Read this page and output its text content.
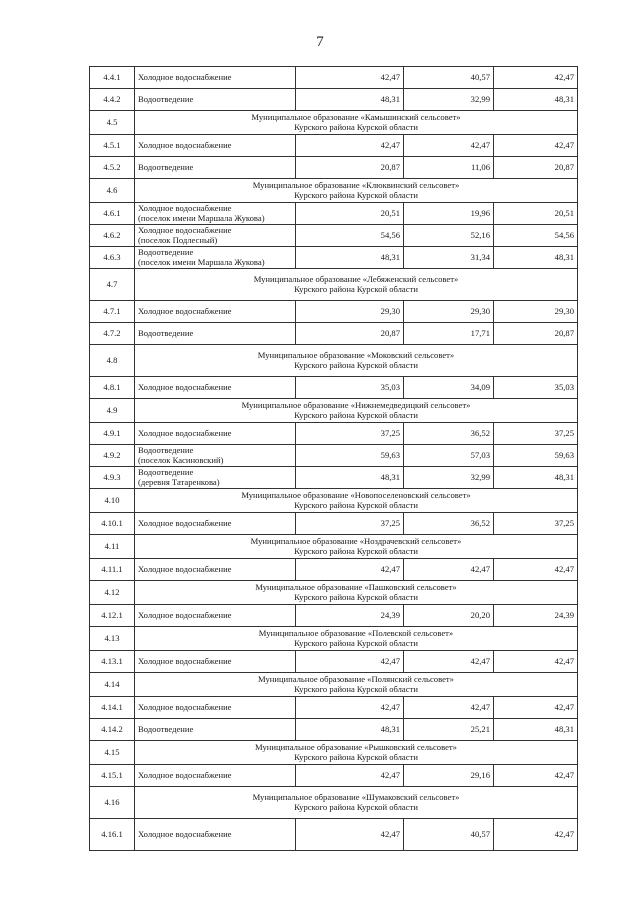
7
4.4.1	Холодное водоснабжение	42,47	40,57	42,47
4.4.2	Водоотведение	48,31	32,99	48,31
4.5	Муниципальное образование «Камышинский сельсовет»
Курского района Курской области			

4.5.1	Холодное водоснабжение	42,47	42,47	42,47
4.5.2	Водоотведение	20,87	11,06	20,87
4.6	Муниципальное образование «Клюквинский сельсовет»
Курского района Курской области			

4.6.1	Холодное водоснабжение
(поселок имени Маршала Жукова)	20,51	19,96	20,51
4.6.2	Холодное водоснабжение
(поселок Подлесный)	54,56	52,16	54,56
4.6.3	Водоотведение
(поселок имени Маршала Жукова)	48,31	31,34	48,31
4.7	Муниципальное образование «Лебяженский сельсовет»
Курского района Курской области			

4.7.1	Холодное водоснабжение	29,30	29,30	29,30
4.7.2	Водоотведение	20,87	17,71	20,87
4.8	Муниципальное образование «Моковский сельсовет»
Курского района Курской области			

4.8.1	Холодное водоснабжение	35,03	34,09	35,03
4.9	Муниципальное образование «Нижнемедведицкий сельсовет»
Курского района Курской области			

4.9.1	Холодное водоснабжение	37,25	36,52	37,25
4.9.2	Водоотведение
(поселок Касиновский)	59,63	57,03	59,63
4.9.3	Водоотведение
(деревня Татаренкова)	48,31	32,99	48,31
4.10	Муниципальное образование «Новопоселеновский сельсовет»
Курского района Курской области			

4.10.1	Холодное водоснабжение	37,25	36,52	37,25
4.11	Муниципальное образование «Ноздрачевский сельсовет»
Курского района Курской области			

4.11.1	Холодное водоснабжение	42,47	42,47	42,47
4.12	Муниципальное образование «Пашковский сельсовет»
Курского района Курской области			

4.12.1	Холодное водоснабжение	24,39	20,20	24,39
4.13	Муниципальное образование «Полевской сельсовет»
Курского района Курской области			

4.13.1	Холодное водоснабжение	42,47	42,47	42,47
4.14	Муниципальное образование «Полянский сельсовет»
Курского района Курской области			

4.14.1	Холодное водоснабжение	42,47	42,47	42,47
4.14.2	Водоотведение	48,31	25,21	48,31
4.15	Муниципальное образование «Рышковский сельсовет»
Курского района Курской области			

4.15.1	Холодное водоснабжение	42,47	29,16	42,47
4.16	Муниципальное образование «Шумаковский сельсовет»
Курского района Курской области			

4.16.1	Холодное водоснабжение	42,47	40,57	42,47
